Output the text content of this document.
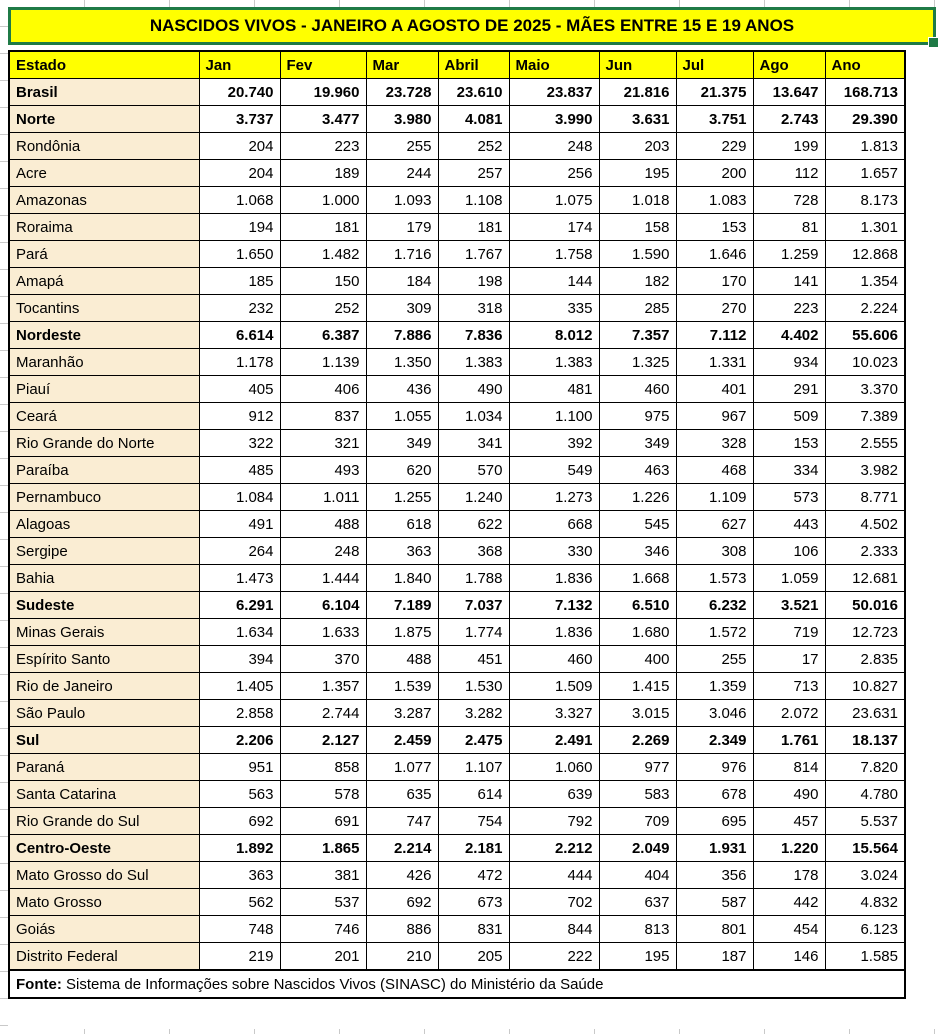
NASCIDOS VIVOS - JANEIRO A AGOSTO DE 2025 - MÃES ENTRE 15 E 19 ANOS
Estado	Jan	Fev	Mar	Abril	Maio	Jun	Jul	Ago	Ano
Brasil	20.740	19.960	23.728	23.610	23.837	21.816	21.375	13.647	168.713
Norte	3.737	3.477	3.980	4.081	3.990	3.631	3.751	2.743	29.390
Rondônia	204	223	255	252	248	203	229	199	1.813
Acre	204	189	244	257	256	195	200	112	1.657
Amazonas	1.068	1.000	1.093	1.108	1.075	1.018	1.083	728	8.173
Roraima	194	181	179	181	174	158	153	81	1.301
Pará	1.650	1.482	1.716	1.767	1.758	1.590	1.646	1.259	12.868
Amapá	185	150	184	198	144	182	170	141	1.354
Tocantins	232	252	309	318	335	285	270	223	2.224
Nordeste	6.614	6.387	7.886	7.836	8.012	7.357	7.112	4.402	55.606
Maranhão	1.178	1.139	1.350	1.383	1.383	1.325	1.331	934	10.023
Piauí	405	406	436	490	481	460	401	291	3.370
Ceará	912	837	1.055	1.034	1.100	975	967	509	7.389
Rio Grande do Norte	322	321	349	341	392	349	328	153	2.555
Paraíba	485	493	620	570	549	463	468	334	3.982
Pernambuco	1.084	1.011	1.255	1.240	1.273	1.226	1.109	573	8.771
Alagoas	491	488	618	622	668	545	627	443	4.502
Sergipe	264	248	363	368	330	346	308	106	2.333
Bahia	1.473	1.444	1.840	1.788	1.836	1.668	1.573	1.059	12.681
Sudeste	6.291	6.104	7.189	7.037	7.132	6.510	6.232	3.521	50.016
Minas Gerais	1.634	1.633	1.875	1.774	1.836	1.680	1.572	719	12.723
Espírito Santo	394	370	488	451	460	400	255	17	2.835
Rio de Janeiro	1.405	1.357	1.539	1.530	1.509	1.415	1.359	713	10.827
São Paulo	2.858	2.744	3.287	3.282	3.327	3.015	3.046	2.072	23.631
Sul	2.206	2.127	2.459	2.475	2.491	2.269	2.349	1.761	18.137
Paraná	951	858	1.077	1.107	1.060	977	976	814	7.820
Santa Catarina	563	578	635	614	639	583	678	490	4.780
Rio Grande do Sul	692	691	747	754	792	709	695	457	5.537
Centro-Oeste	1.892	1.865	2.214	2.181	2.212	2.049	1.931	1.220	15.564
Mato Grosso do Sul	363	381	426	472	444	404	356	178	3.024
Mato Grosso	562	537	692	673	702	637	587	442	4.832
Goiás	748	746	886	831	844	813	801	454	6.123
Distrito Federal	219	201	210	205	222	195	187	146	1.585
Fonte: Sistema de Informações sobre Nascidos Vivos (SINASC) do Ministério da Saúde									
